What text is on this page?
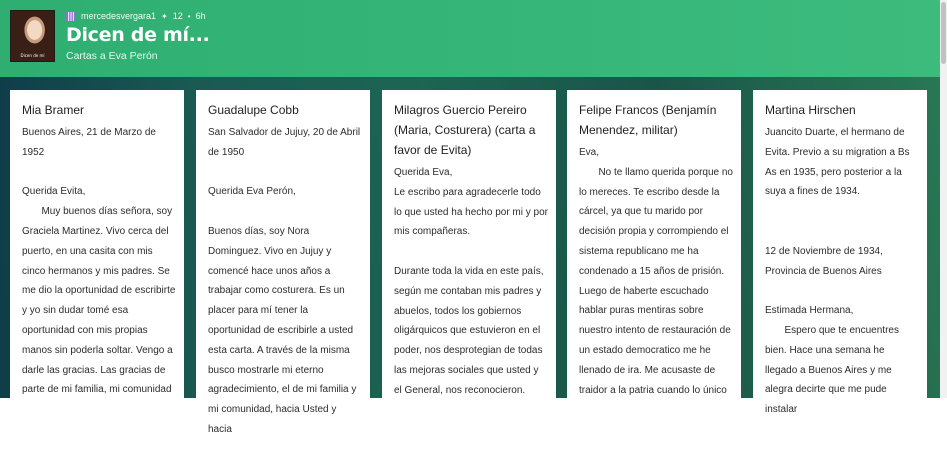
Dicen de mí
mercedesvergara1 ✦ 12 • 6h
Dicen de mí...
Cartas a Eva Perón
Mia Bramer
Buenos Aires, 21 de Marzo de 1952

Querida Evita,
Muy buenos días señora, soy Graciela Martinez. Vivo cerca del puerto, en una casita con mis cinco hermanos y mis padres. Se me dio la oportunidad de escribirte y yo sin dudar tomé esa oportunidad con mis propias manos sin poderla soltar. Vengo a darle las gracias. Las gracias de parte de mi familia, mi comunidad
Guadalupe Cobb
San Salvador de Jujuy, 20 de Abril de 1950

Querida Eva Perón,

Buenos días, soy Nora Dominguez. Vivo en Jujuy y comencé hace unos años a trabajar como costurera. Es un placer para mí tener la oportunidad de escribirle a usted esta carta. A través de la misma busco mostrarle mi eterno agradecimiento, el de mi familia y mi comunidad, hacia Usted y hacia
Milagros Guercio Pereiro (Maria, Costurera) (carta a favor de Evita)
Querida Eva,
Le escribo para agradecerle todo lo que usted ha hecho por mi y por mis compañeras.

Durante toda la vida en este país, según me contaban mis padres y abuelos, todos los gobiernos oligárquicos que estuvieron en el poder, nos desprotegian de todas las mejoras sociales que usted y el General, nos reconocieron.
Felipe Francos (Benjamín Menendez, militar)
Eva,
No te llamo querida porque no lo mereces. Te escribo desde la cárcel, ya que tu marido por decisión propia y corrompiendo el sistema republicano me ha condenado a 15 años de prisión. Luego de haberte escuchado hablar puras mentiras sobre nuestro intento de restauración de un estado democratico me he llenado de ira. Me acusaste de traidor a la patria cuando lo único
Martina Hirschen
Juancito Duarte, el hermano de Evita. Previo a su migration a Bs As en 1935, pero posterior a la suya a fines de 1934.

12 de Noviembre de 1934, Provincia de Buenos Aires

Estimada Hermana,
Espero que te encuentres bien. Hace una semana he llegado a Buenos Aires y me alegra decirte que me pude instalar
